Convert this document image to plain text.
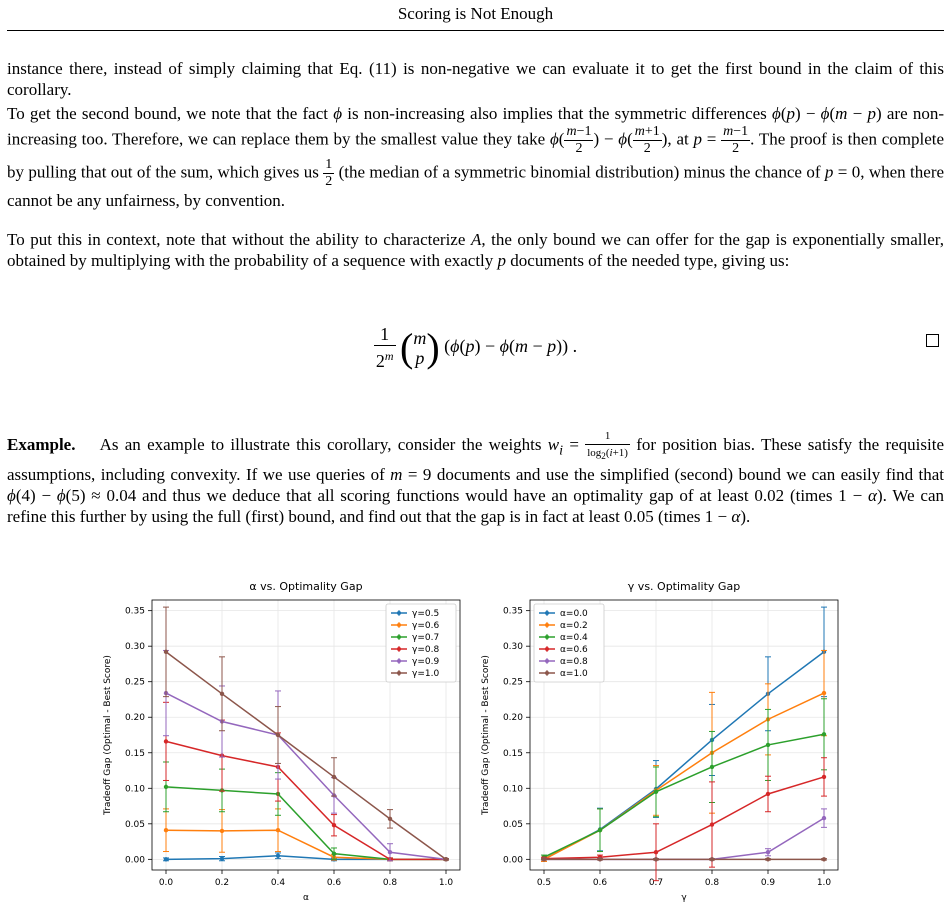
Scoring is Not Enough

instance there, instead of simply claiming that Eq. (11) is non-negative we can evaluate it to get the first bound in the claim of this corollary.

To get the second bound, we note that the fact ϕ is non-increasing also implies that the symmetric differences ϕ(p) − ϕ(m − p) are non-increasing too. Therefore, we can replace them by the smallest value they take $\phi( \frac{m-1}{2}$ ) − $\phi( \frac{m+1}{2}$ ), at $p = \frac{m-1}{2}$ . The proof is then complete by pulling that out of the sum, which gives us $\frac{1}{2} (the$ median of a symmetric binomial distribution) minus the chance of p = 0, when there cannot be any unfairness, by convention.

To put this in context, note that without the ability to characterize A, the only bound we can offer for the gap is exponentially smaller, obtained by multiplying with the probability of a sequence with exactly p documents of the needed type, giving us:

$\frac{1}{2^m}$ ( m
p ) (ϕ(p) − ϕ(m − p)) .

Example. As an example to illustrate this corollary, consider the weights $w_i = \frac{1}{\log_2(i+1)}$ for position bias. These satisfy the requisite assumptions, including convexity. If we use queries of m = 9 documents and use the simplified (second) bound we can easily find that ϕ(4) − ϕ(5) ≈ 0.04 and thus we deduce that all scoring functions would have an optimality gap of at least 0.02 (times 1 − α). We can refine this further by using the full (first) bound, and find out that the gap is in fact at least 0.05 (times 1 − α).

α vs. Optimality Gap
0.0	0.2	0.4	0.6	0.8	1.0
0.00
0.05
0.10
0.15
0.20
0.25
0.30
0.35
α
Tradeoff Gap (Optimal - Best Score)
γ=0.5
γ=0.6
γ=0.7
γ=0.8
γ=0.9
γ=1.0
γ vs. Optimality Gap
0.5	0.6	0.7	0.8	0.9	1.0
0.00
0.05
0.10
0.15
0.20
0.25
0.30
0.35
γ
Tradeoff Gap (Optimal - Best Score)
α=0.0
α=0.2
α=0.4
α=0.6
α=0.8
α=1.0
